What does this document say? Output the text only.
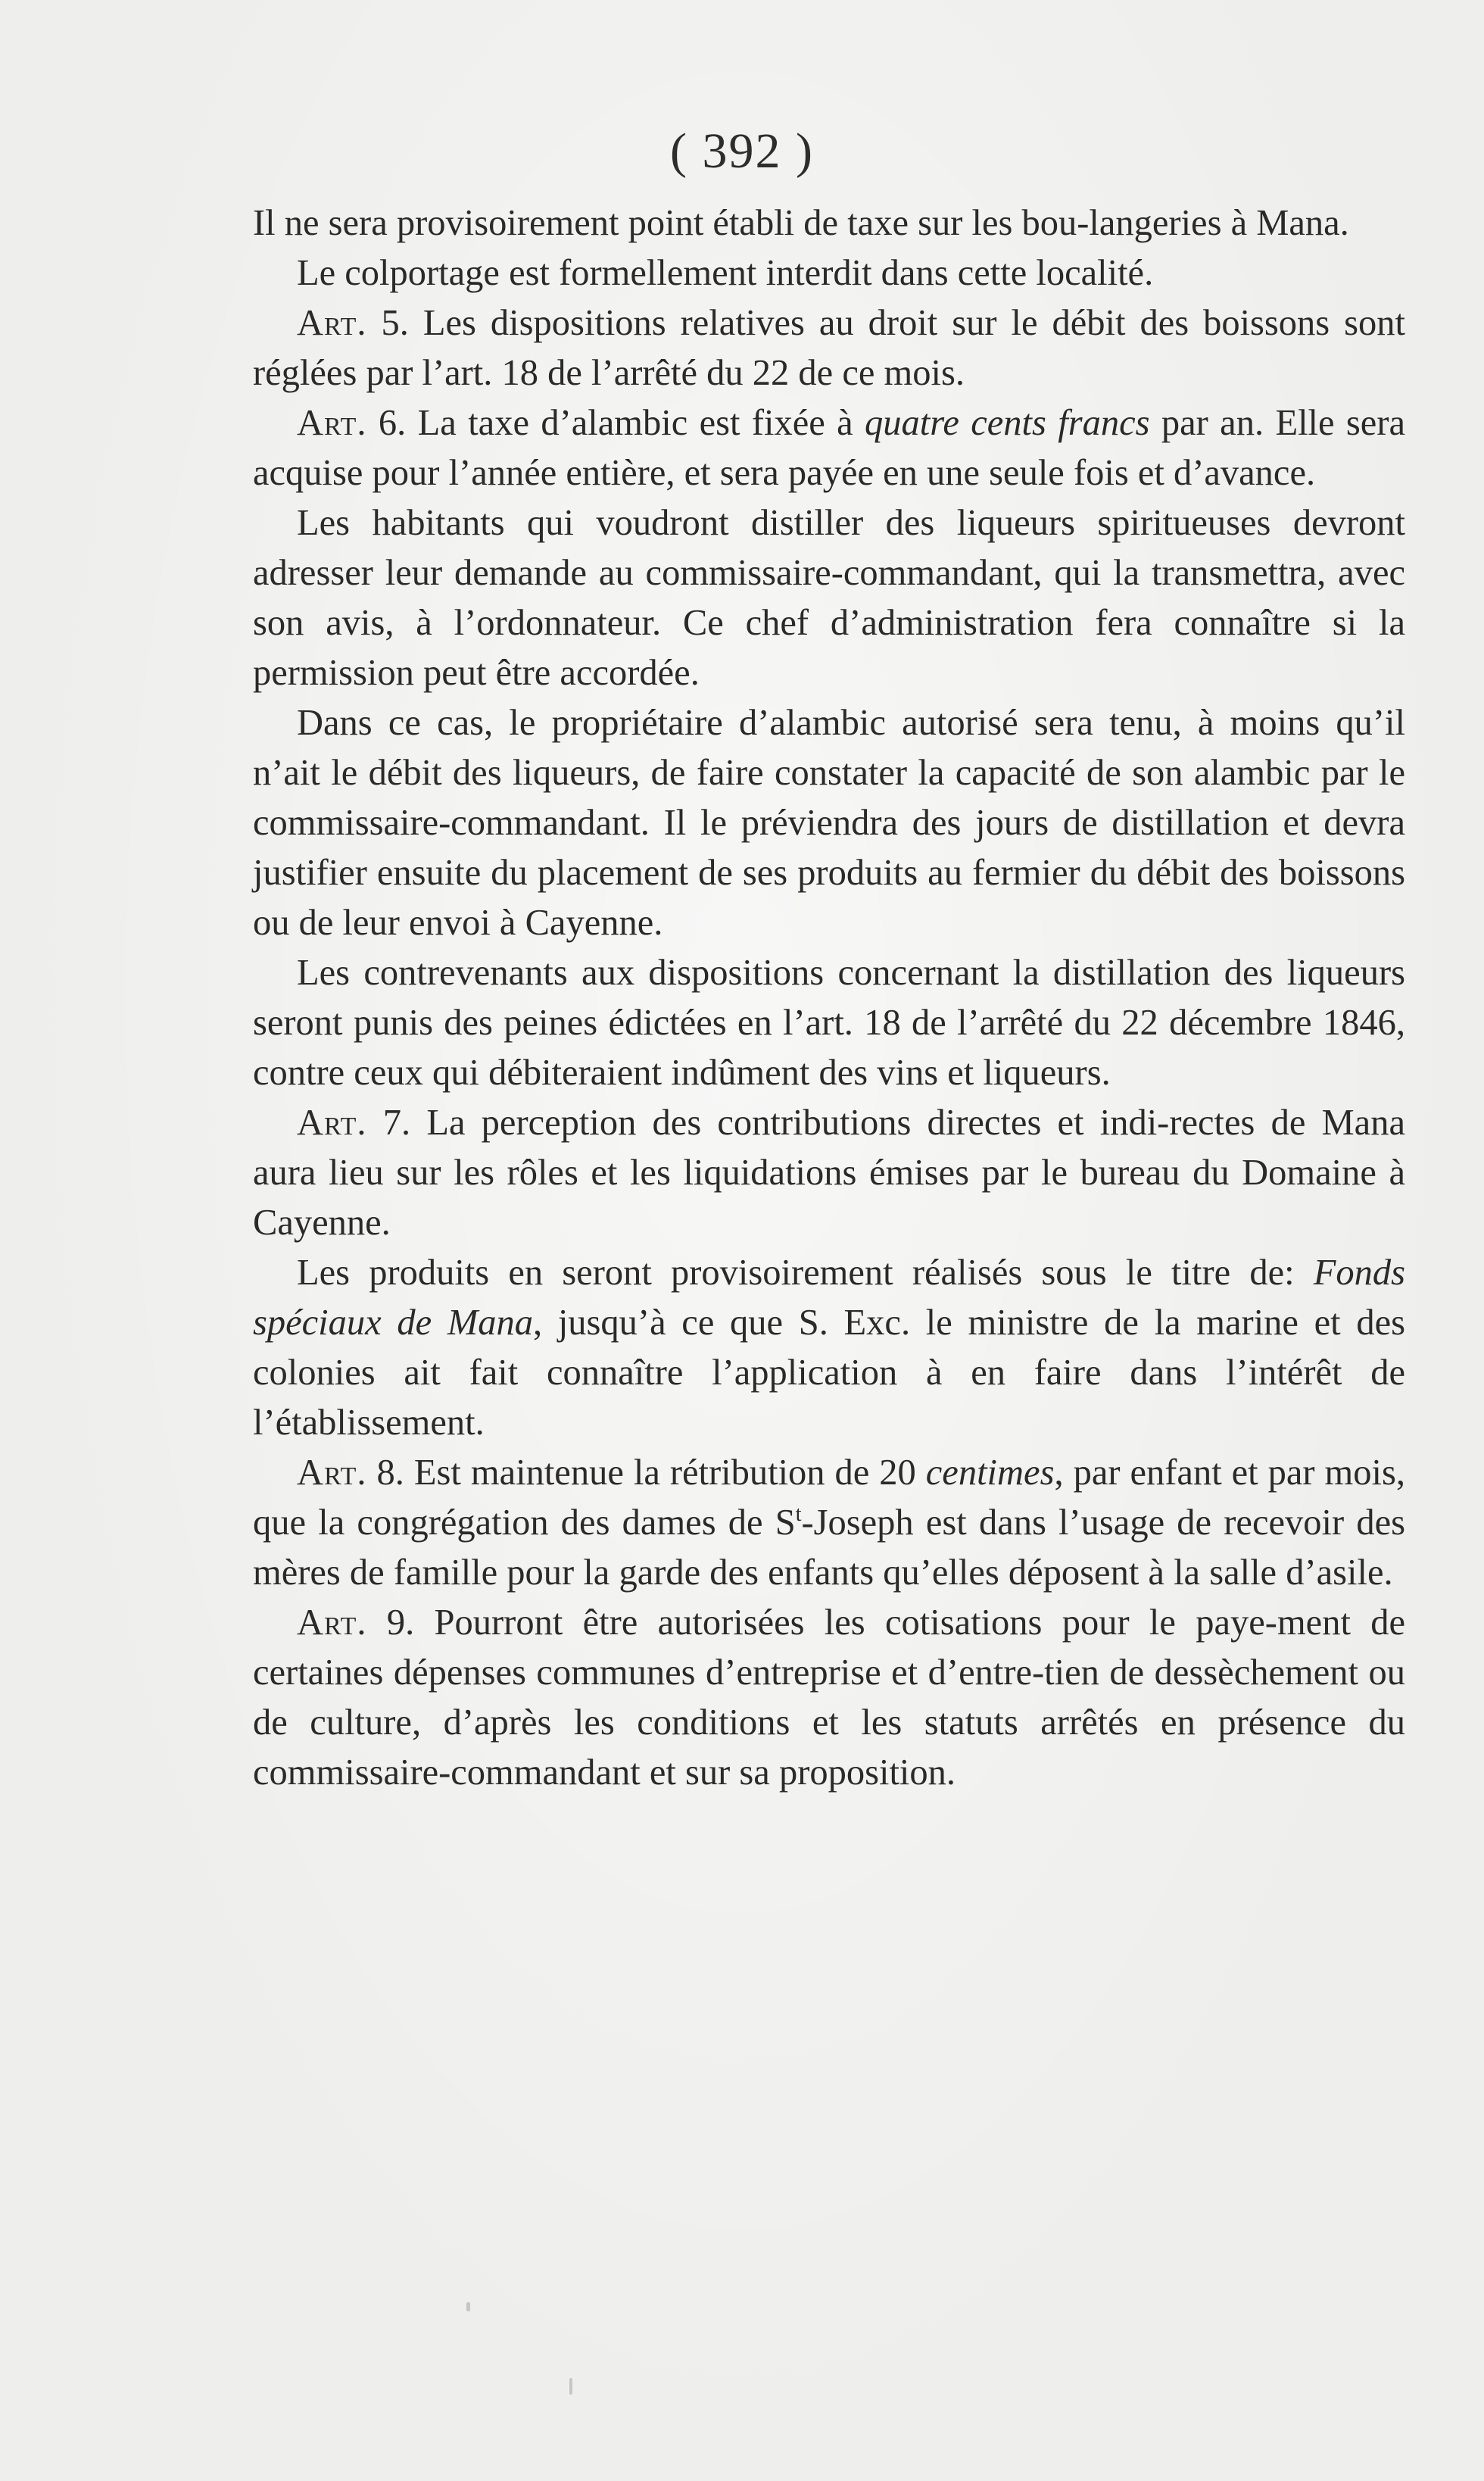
( 392 )

Il ne sera provisoirement point établi de taxe sur les bou-langeries à Mana.

Le colportage est formellement interdit dans cette localité.

Art. 5. Les dispositions relatives au droit sur le débit des boissons sont réglées par l’art. 18 de l’arrêté du 22 de ce mois.

Art. 6. La taxe d’alambic est fixée à quatre cents francs par an. Elle sera acquise pour l’année entière, et sera payée en une seule fois et d’avance.

Les habitants qui voudront distiller des liqueurs spiritueuses devront adresser leur demande au commissaire-commandant, qui la transmettra, avec son avis, à l’ordonnateur. Ce chef d’administration fera connaître si la permission peut être accordée.

Dans ce cas, le propriétaire d’alambic autorisé sera tenu, à moins qu’il n’ait le débit des liqueurs, de faire constater la capacité de son alambic par le commissaire-commandant. Il le préviendra des jours de distillation et devra justifier ensuite du placement de ses produits au fermier du débit des boissons ou de leur envoi à Cayenne.

Les contrevenants aux dispositions concernant la distillation des liqueurs seront punis des peines édictées en l’art. 18 de l’arrêté du 22 décembre 1846, contre ceux qui débiteraient indûment des vins et liqueurs.

Art. 7. La perception des contributions directes et indi-rectes de Mana aura lieu sur les rôles et les liquidations émises par le bureau du Domaine à Cayenne.

Les produits en seront provisoirement réalisés sous le titre de: Fonds spéciaux de Mana, jusqu’à ce que S. Exc. le ministre de la marine et des colonies ait fait connaître l’application à en faire dans l’intérêt de l’établissement.

Art. 8. Est maintenue la rétribution de 20 centimes, par enfant et par mois, que la congrégation des dames de $S^t$-Joseph est dans l’usage de recevoir des mères de famille pour la garde des enfants qu’elles déposent à la salle d’asile.

Art. 9. Pourront être autorisées les cotisations pour le paye-ment de certaines dépenses communes d’entreprise et d’entre-tien de dessèchement ou de culture, d’après les conditions et les statuts arrêtés en présence du commissaire-commandant et sur sa proposition.
